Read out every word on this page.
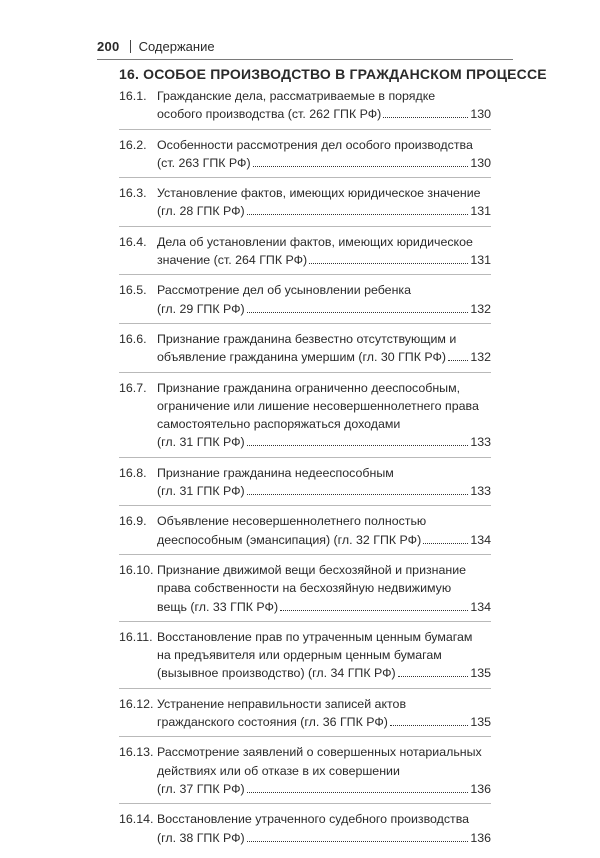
200 Содержание
16. ОСОБОЕ ПРОИЗВОДСТВО В ГРАЖДАНСКОМ ПРОЦЕССЕ
16.1. Гражданские дела, рассматриваемые в порядке
особого производства (ст. 262 ГПК РФ)	130
16.2. Особенности рассмотрения дел особого производства
(ст. 263 ГПК РФ)	130
16.3. Установление фактов, имеющих юридическое значение
(гл. 28 ГПК РФ)	131
16.4. Дела об установлении фактов, имеющих юридическое
значение (ст. 264 ГПК РФ)	131
16.5. Рассмотрение дел об усыновлении ребенка
(гл. 29 ГПК РФ)	132
16.6. Признание гражданина безвестно отсутствующим и
объявление гражданина умершим (гл. 30 ГПК РФ) 132
16.7. Признание гражданина ограниченно дееспособным,
ограничение или лишение несовершеннолетнего права
самостоятельно распоряжаться доходами
(гл. 31 ГПК РФ)	133
16.8. Признание гражданина недееспособным
(гл. 31 ГПК РФ)	133
16.9. Объявление несовершеннолетнего полностью
дееспособным (эмансипация) (гл. 32 ГПК РФ)	134
16.10. Признание движимой вещи бесхозяйной и признание
права собственности на бесхозяйную недвижимую
вещь (гл. 33 ГПК РФ)	134
16.11. Восстановление прав по утраченным ценным бумагам
на предъявителя или ордерным ценным бумагам
(вызывное производство) (гл. 34 ГПК РФ)	135
16.12. Устранение неправильности записей актов
гражданского состояния (гл. 36 ГПК РФ)	135
16.13. Рассмотрение заявлений о совершенных нотариальных
действиях или об отказе в их совершении
(гл. 37 ГПК РФ)	136
16.14. Восстановление утраченного судебного производства
(гл. 38 ГПК РФ)	136
